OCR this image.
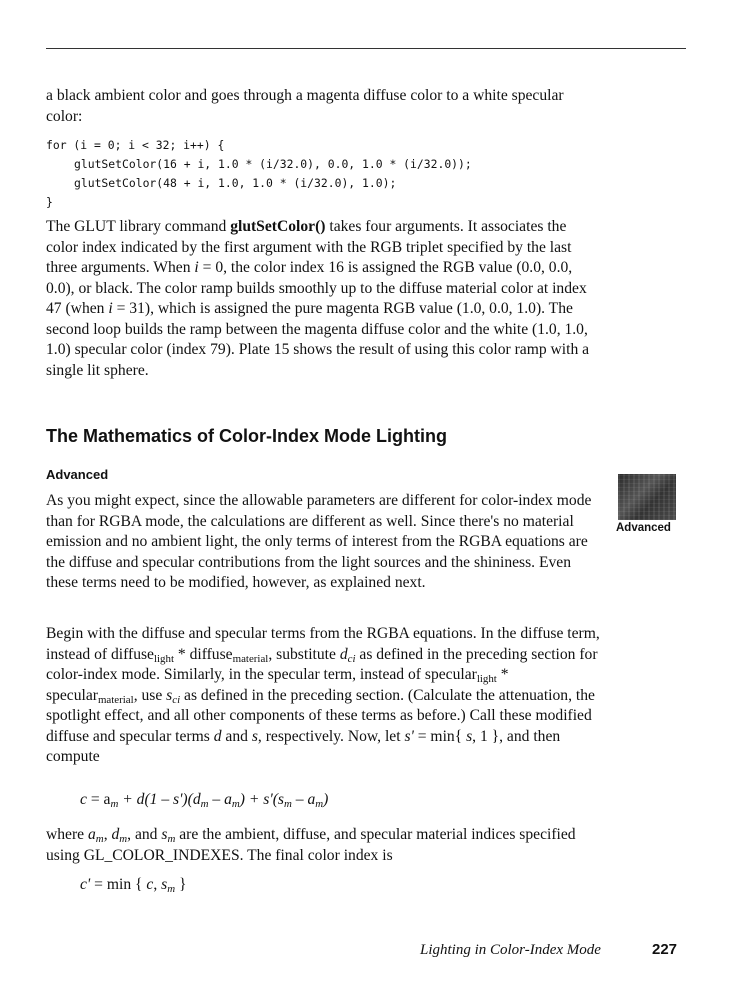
a black ambient color and goes through a magenta diffuse color to a white specular color:

for (i = 0; i < 32; i++) {
glutSetColor(16 + i, 1.0 * (i/32.0), 0.0, 1.0 * (i/32.0));
glutSetColor(48 + i, 1.0, 1.0 * (i/32.0), 1.0);
}

The GLUT library command glutSetColor() takes four arguments. It associates the color index indicated by the first argument with the RGB triplet specified by the last three arguments. When i = 0, the color index 16 is assigned the RGB value (0.0, 0.0, 0.0), or black. The color ramp builds smoothly up to the diffuse material color at index 47 (when i = 31), which is assigned the pure magenta RGB value (1.0, 0.0, 1.0). The second loop builds the ramp between the magenta diffuse color and the white (1.0, 1.0, 1.0) specular color (index 79). Plate 15 shows the result of using this color ramp with a single lit sphere.

The Mathematics of Color-Index Mode Lighting
Advanced
Advanced

As you might expect, since the allowable parameters are different for color-index mode than for RGBA mode, the calculations are different as well. Since there's no material emission and no ambient light, the only terms of interest from the RGBA equations are the diffuse and specular contributions from the light sources and the shininess. Even these terms need to be modified, however, as explained next.

Begin with the diffuse and specular terms from the RGBA equations. In the diffuse term, instead of diffuse$_{light}$ * diffuse$_{material}$, substitute $d_{ci}$ as defined in the preceding section for color-index mode. Similarly, in the specular term, instead of specular$_{light}$ * specular$_{material}$, use $s_{ci}$ as defined in the preceding section. (Calculate the attenuation, the spotlight effect, and all other components of these terms as before.) Call these modified diffuse and specular terms d and s, respectively. Now, let s' = min{ s, 1 }, and then compute

$c = a_m + d(1 - s')(d_m - a_m) + s'(s_m - a_m)$

where $a_m$, $d_m$, and $s_m$ are the ambient, diffuse, and specular material indices specified using GL_COLOR_INDEXES. The final color index is

c' = min { c, $s_m$ }
Lighting in Color-Index Mode	227
